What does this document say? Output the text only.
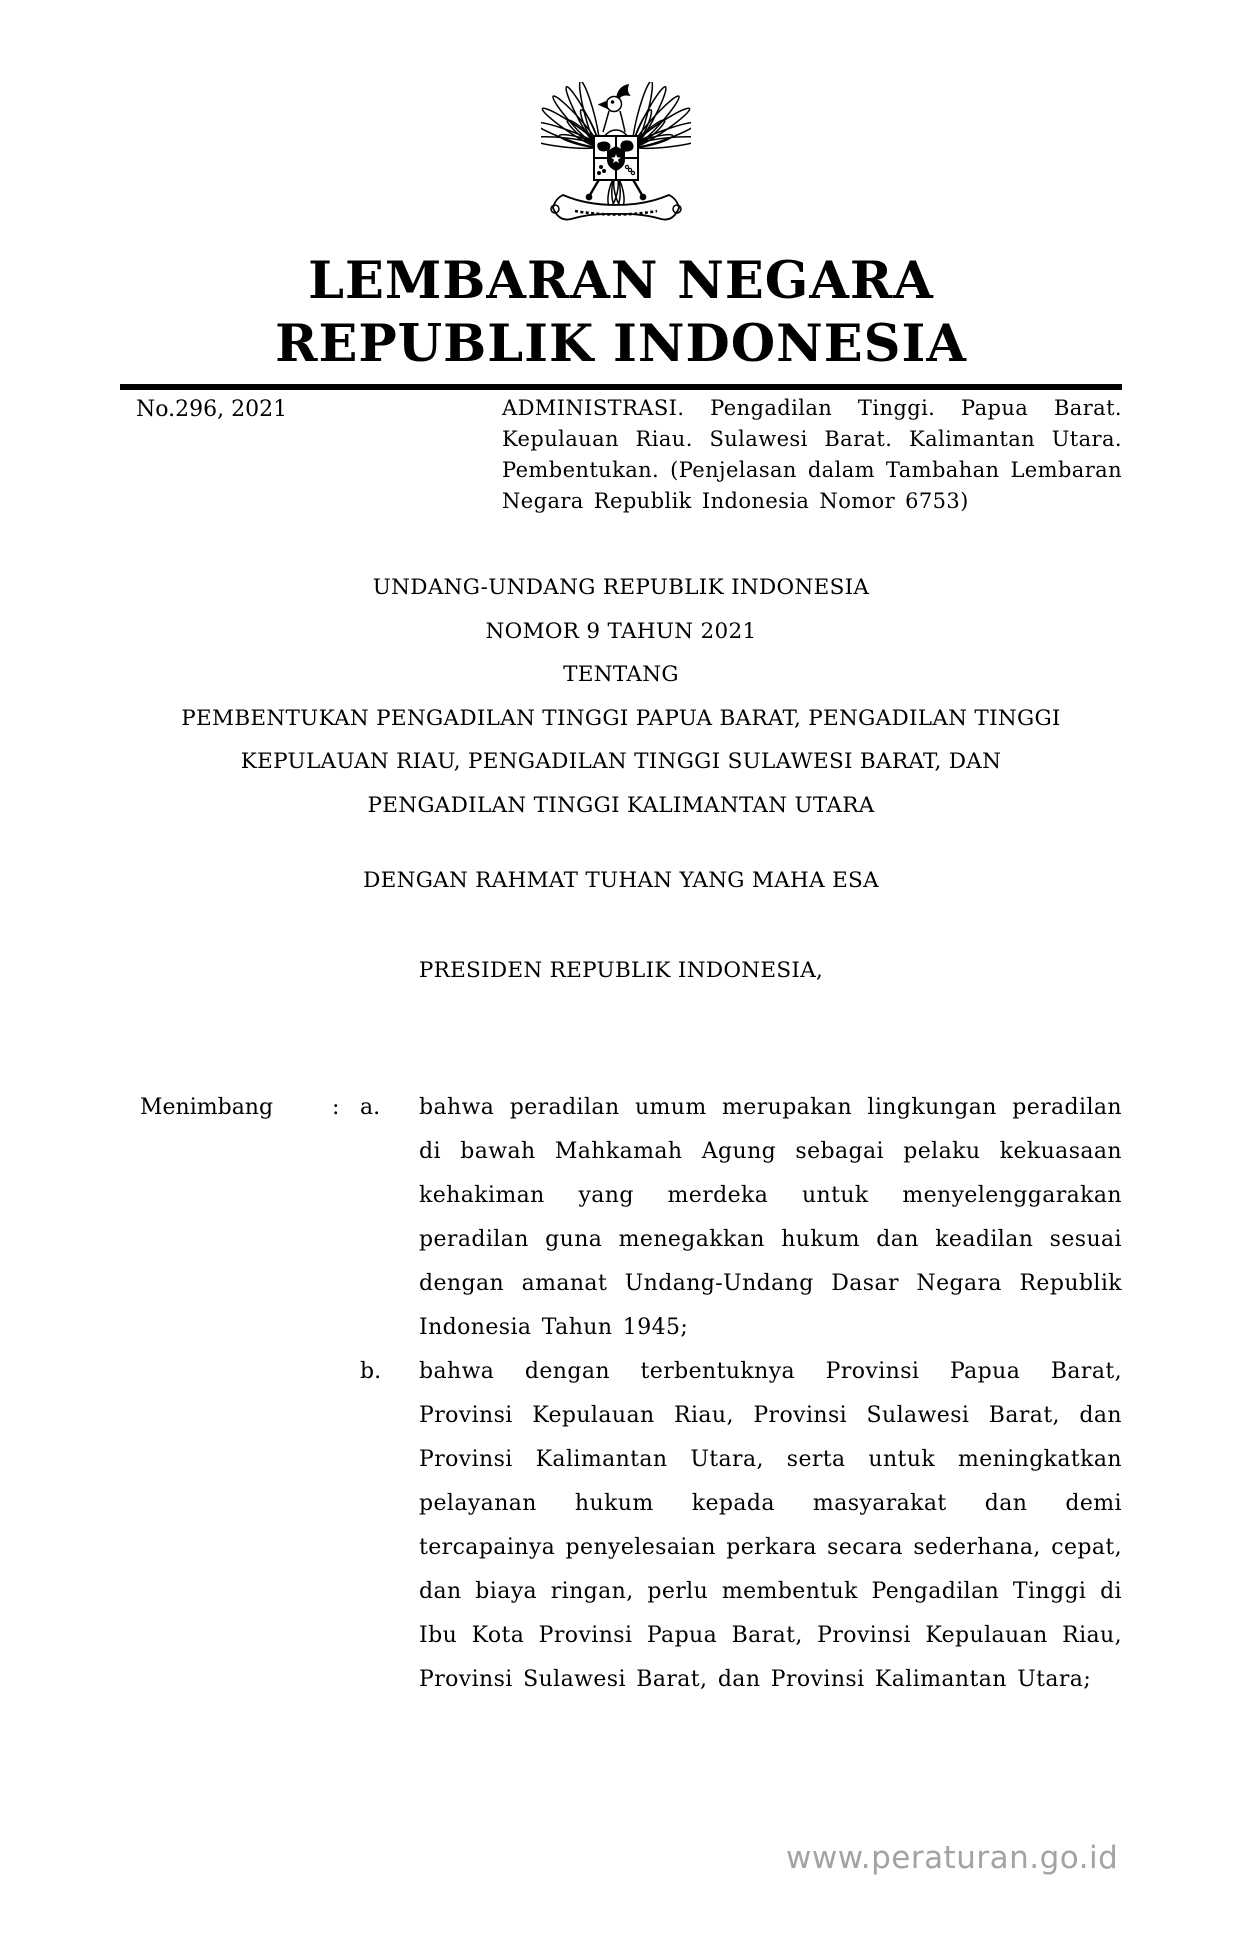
LEMBARAN NEGARA
REPUBLIK INDONESIA
No.296, 2021	ADMINISTRASI. Pengadilan Tinggi. Papua Barat. Kepulauan Riau. Sulawesi Barat. Kalimantan Utara. Pembentukan. (Penjelasan dalam Tambahan Lembaran Negara Republik Indonesia Nomor 6753)

UNDANG-UNDANG REPUBLIK INDONESIA
NOMOR 9 TAHUN 2021
TENTANG
PEMBENTUKAN PENGADILAN TINGGI PAPUA BARAT, PENGADILAN TINGGI
KEPULAUAN RIAU, PENGADILAN TINGGI SULAWESI BARAT, DAN
PENGADILAN TINGGI KALIMANTAN UTARA
DENGAN RAHMAT TUHAN YANG MAHA ESA
PRESIDEN REPUBLIK INDONESIA,
Menimbang	: a. bahwa peradilan umum merupakan lingkungan peradilan di bawah Mahkamah Agung sebagai pelaku kekuasaan kehakiman yang merdeka untuk menyelenggarakan peradilan guna menegakkan hukum dan keadilan sesuai dengan amanat Undang-Undang Dasar Negara Republik Indonesia Tahun 1945;
b. bahwa dengan terbentuknya Provinsi Papua Barat, Provinsi Kepulauan Riau, Provinsi Sulawesi Barat, dan Provinsi Kalimantan Utara, serta untuk meningkatkan pelayanan hukum kepada masyarakat dan demi tercapainya penyelesaian perkara secara sederhana, cepat, dan biaya ringan, perlu membentuk Pengadilan Tinggi di Ibu Kota Provinsi Papua Barat, Provinsi Kepulauan Riau, Provinsi Sulawesi Barat, dan Provinsi Kalimantan Utara;
www.peraturan.go.id
